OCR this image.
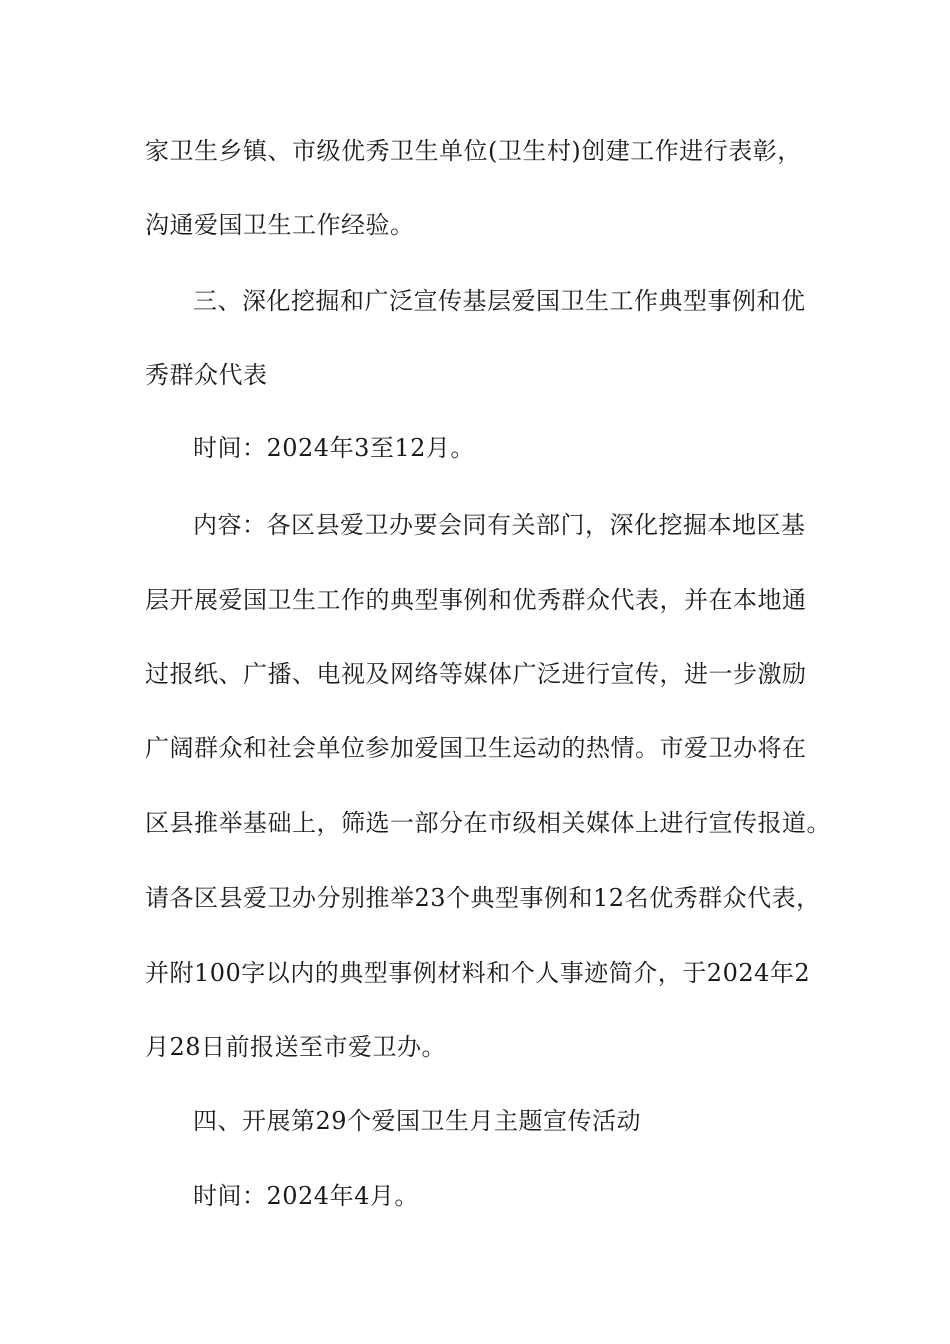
家卫生乡镇、市级优秀卫生单位(卫生村)创建工作进行表彰，
沟通爱国卫生工作经验。
三、深化挖掘和广泛宣传基层爱国卫生工作典型事例和优
秀群众代表
时间：2024年3至12月。
内容：各区县爱卫办要会同有关部门，深化挖掘本地区基
层开展爱国卫生工作的典型事例和优秀群众代表，并在本地通
过报纸、广播、电视及网络等媒体广泛进行宣传，进一步激励
广阔群众和社会单位参加爱国卫生运动的热情。市爱卫办将在
区县推举基础上，筛选一部分在市级相关媒体上进行宣传报道。
请各区县爱卫办分别推举23个典型事例和12名优秀群众代表，
并附100字以内的典型事例材料和个人事迹简介，于2024年2
月28日前报送至市爱卫办。
四、开展第29个爱国卫生月主题宣传活动
时间：2024年4月。
